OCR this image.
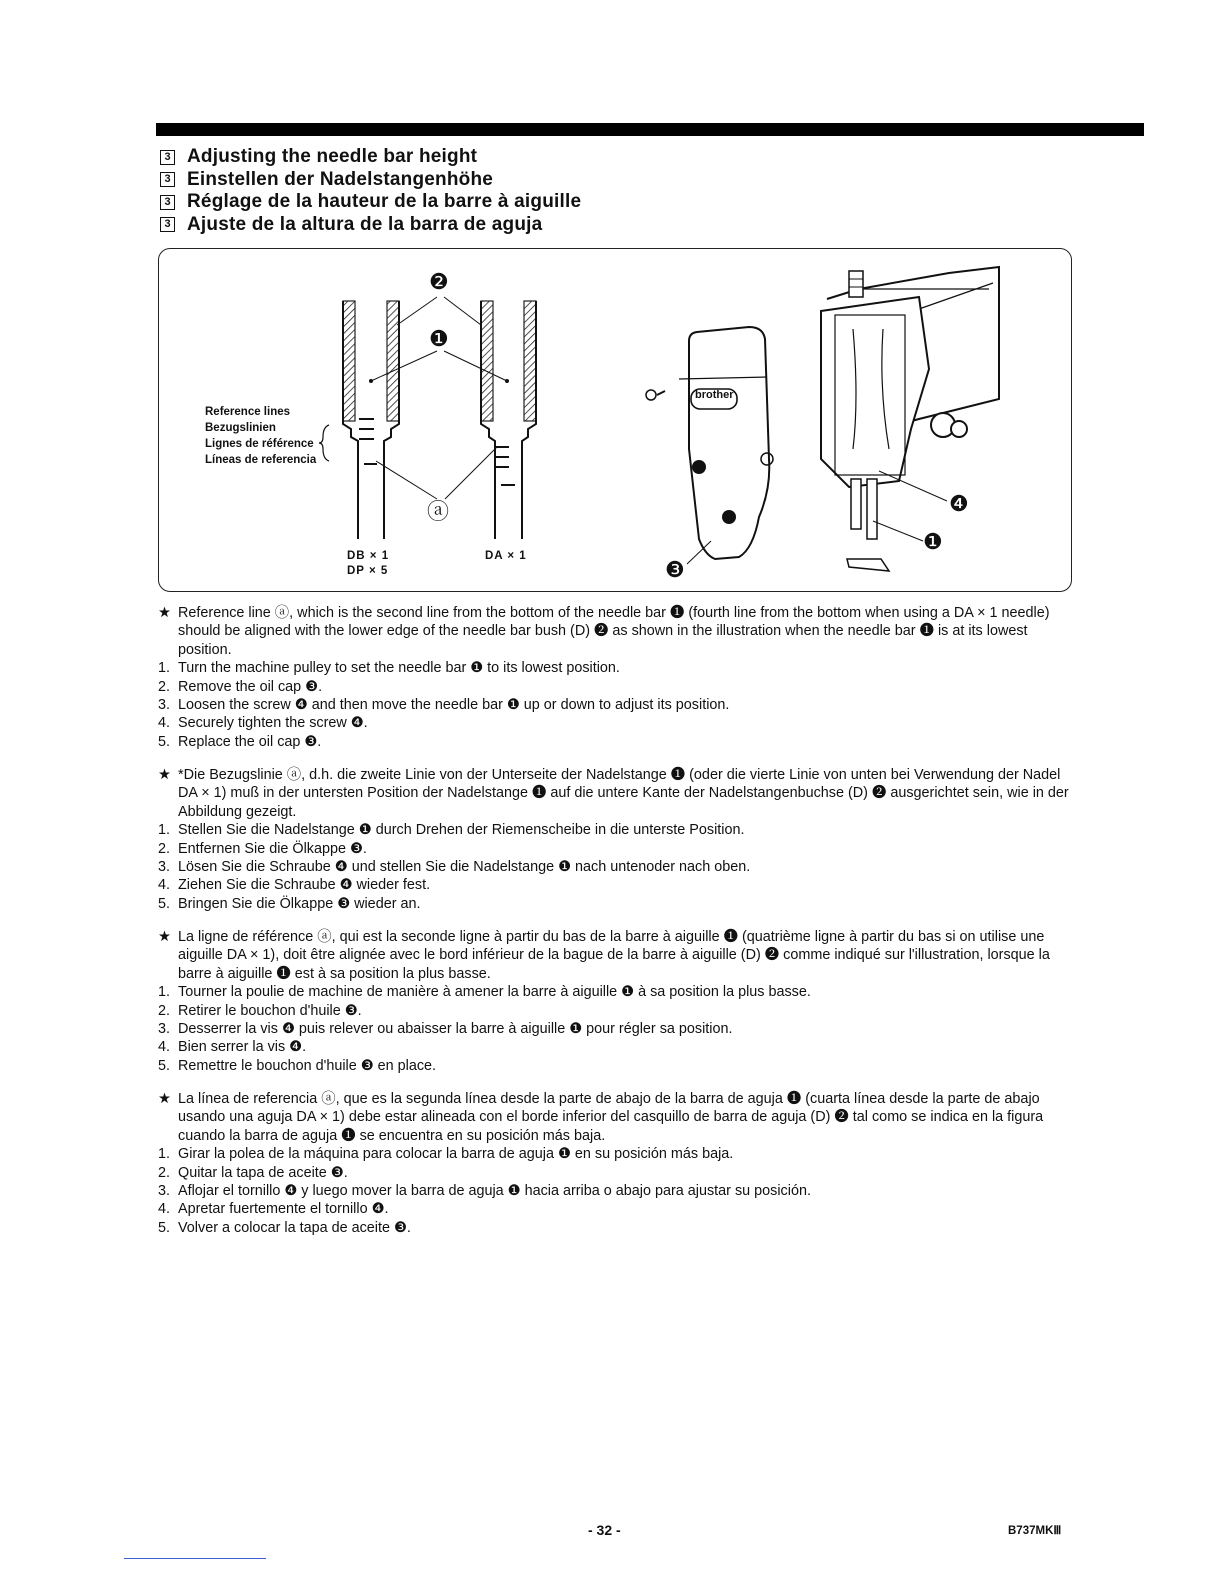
3 Adjusting the needle bar height
3 Einstellen der Nadelstangenhöhe
3 Réglage de la hauteur de la barre à aiguille
3 Ajuste de la altura de la barra de aguja
Reference lines
Bezugslinien
Lignes de référence
Líneas de referencia
DB × 1
DP × 5
DA × 1
❷
❶
ⓐ
❸
❹
❶
brother
★ Reference line ⓐ, which is the second line from the bottom of the needle bar ❶ (fourth line from the bottom when using a DA × 1 needle) should be aligned with the lower edge of the needle bar bush (D) ❷ as shown in the illustration when the needle bar ❶ is at its lowest position.
1. Turn the machine pulley to set the needle bar ❶ to its lowest position.
2. Remove the oil cap ❸.
3. Loosen the screw ❹ and then move the needle bar ❶ up or down to adjust its position.
4. Securely tighten the screw ❹.
5. Replace the oil cap ❸.
★ *Die Bezugslinie ⓐ, d.h. die zweite Linie von der Unterseite der Nadelstange ❶ (oder die vierte Linie von unten bei Verwendung der Nadel DA × 1) muß in der untersten Position der Nadelstange ❶ auf die untere Kante der Nadelstangenbuchse (D) ❷ ausgerichtet sein, wie in der Abbildung gezeigt.
1. Stellen Sie die Nadelstange ❶ durch Drehen der Riemenscheibe in die unterste Position.
2. Entfernen Sie die Ölkappe ❸.
3. Lösen Sie die Schraube ❹ und stellen Sie die Nadelstange ❶ nach untenoder nach oben.
4. Ziehen Sie die Schraube ❹ wieder fest.
5. Bringen Sie die Ölkappe ❸ wieder an.
★ La ligne de référence ⓐ, qui est la seconde ligne à partir du bas de la barre à aiguille ❶ (quatrième ligne à partir du bas si on utilise une aiguille DA × 1), doit être alignée avec le bord inférieur de la bague de la barre à aiguille (D) ❷ comme indiqué sur l'illustration, lorsque la barre à aiguille ❶ est à sa position la plus basse.
1. Tourner la poulie de machine de manière à amener la barre à aiguille ❶ à sa position la plus basse.
2. Retirer le bouchon d'huile ❸.
3. Desserrer la vis ❹ puis relever ou abaisser la barre à aiguille ❶ pour régler sa position.
4. Bien serrer la vis ❹.
5. Remettre le bouchon d'huile ❸ en place.
★ La línea de referencia ⓐ, que es la segunda línea desde la parte de abajo de la barra de aguja ❶ (cuarta línea desde la parte de abajo usando una aguja DA × 1) debe estar alineada con el borde inferior del casquillo de barra de aguja (D) ❷ tal como se indica en la figura cuando la barra de aguja ❶ se encuentra en su posición más baja.
1. Girar la polea de la máquina para colocar la barra de aguja ❶ en su posición más baja.
2. Quitar la tapa de aceite ❸.
3. Aflojar el tornillo ❹ y luego mover la barra de aguja ❶ hacia arriba o abajo para ajustar su posición.
4. Apretar fuertemente el tornillo ❹.
5. Volver a colocar la tapa de aceite ❸.
- 32 -	B737MKⅢ
